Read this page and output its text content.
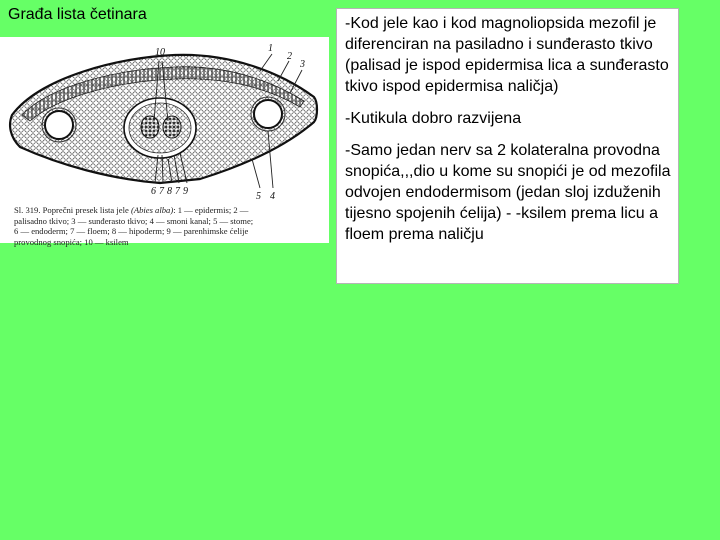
Građa lista četinara
10	1
2
3
5 4
6 7 8 7 9

Sl. 319. Poprečni presek lista jele (Abies alba): 1 — epidermis; 2 —

palisadno tkivo; 3 — sunđerasto tkivo; 4 — smoni kanal; 5 — stome;

6 — endoderm; 7 — floem; 8 — hipoderm; 9 — parenhimske ćelije

provodnog snopića; 10 — ksilem

-Kod jele kao i kod magnoliopsida mezofil je diferenciran na pasiladno i sunđerasto tkivo (palisad je ispod epidermisa lica a sunđerasto tkivo ispod epidermisa naličja)

-Kutikula dobro razvijena

-Samo jedan nerv sa 2 kolateralna provodna snopića,,,dio u kome su snopići je od mezofila odvojen endodermisom (jedan sloj izduženih tijesno spojenih ćelija) - -ksilem prema licu a floem prema naličju
